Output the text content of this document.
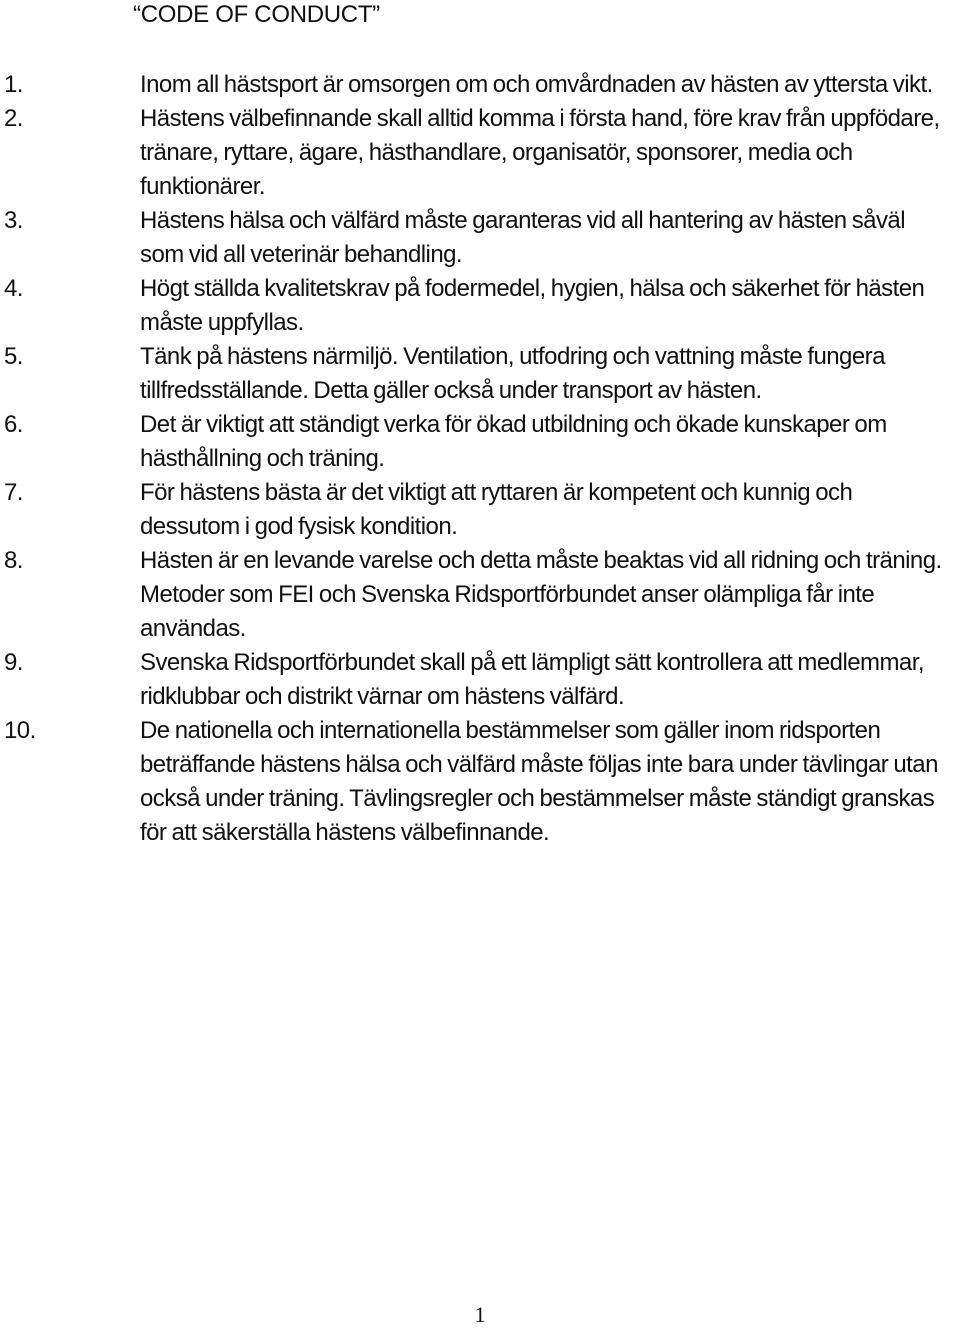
“CODE OF CONDUCT”
1.	Inom all hästsport är omsorgen om och omvårdnaden av hästen av yttersta vikt.
2.	Hästens välbefinnande skall alltid komma i första hand, före krav från uppfödare, tränare, ryttare, ägare, hästhandlare, organisatör, sponsorer, media och funktionärer.
3.	Hästens hälsa och välfärd måste garanteras vid all hantering av hästen såväl som vid all veterinär behandling.
4.	Högt ställda kvalitetskrav på fodermedel, hygien, hälsa och säkerhet för hästen måste uppfyllas.
5.	Tänk på hästens närmiljö. Ventilation, utfodring och vattning måste fungera tillfredsställande. Detta gäller också under transport av hästen.
6.	Det är viktigt att ständigt verka för ökad utbildning och ökade kunskaper om hästhållning och träning.
7.	För hästens bästa är det viktigt att ryttaren är kompetent och kunnig och dessutom i god fysisk kondition.
8.	Hästen är en levande varelse och detta måste beaktas vid all ridning och träning. Metoder som FEI och Svenska Ridsportförbundet anser olämpliga får inte användas.
9.	Svenska Ridsportförbundet skall på ett lämpligt sätt kontrollera att medlemmar, ridklubbar och distrikt värnar om hästens välfärd.
10.	De nationella och internationella bestämmelser som gäller inom ridsporten beträffande hästens hälsa och välfärd måste följas inte bara under tävlingar utan också under träning. Tävlingsregler och bestämmelser måste ständigt granskas för att säkerställa hästens välbefinnande.
1
